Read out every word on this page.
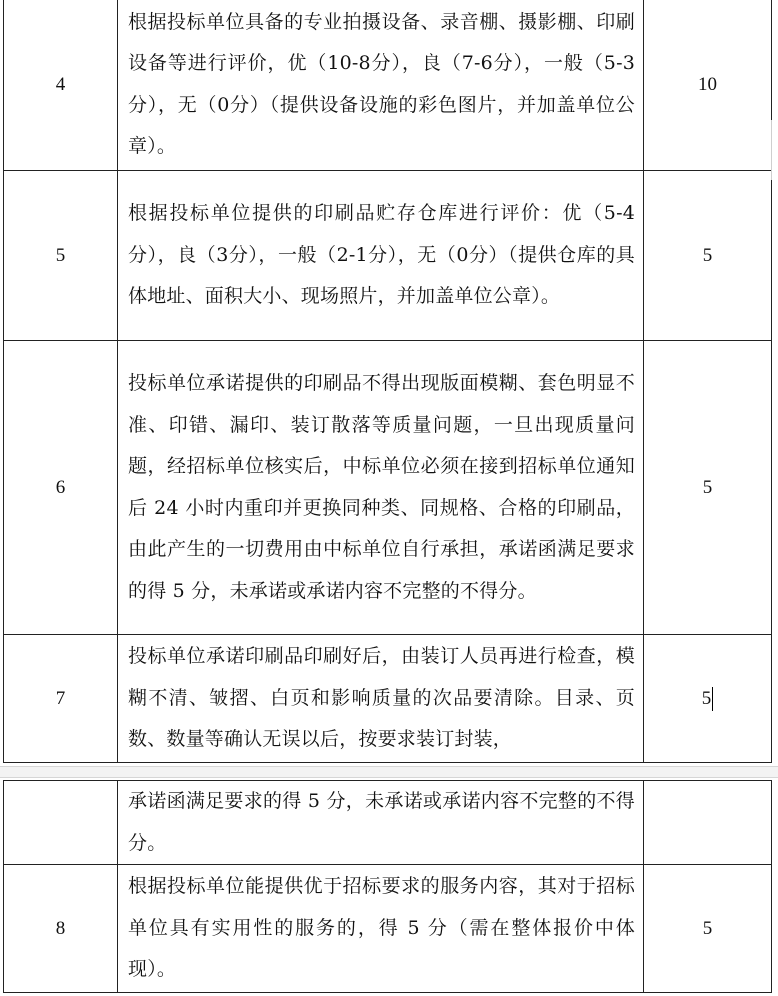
4	根据投标单位具备的专业拍摄设备、录音棚、摄影棚、印刷设备等进行评价，优（10-8分），良（7-6分），一般（5-3分），无（0分）（提供设备设施的彩色图片，并加盖单位公章）。	10
5	根据投标单位提供的印刷品贮存仓库进行评价：优（5-4分），良（3分），一般（2-1分），无（0分）（提供仓库的具体地址、面积大小、现场照片，并加盖单位公章）。	5
6	投标单位承诺提供的印刷品不得出现版面模糊、套色明显不准、印错、漏印、装订散落等质量问题，一旦出现质量问题，经招标单位核实后，中标单位必须在接到招标单位通知后 24 小时内重印并更换同种类、同规格、合格的印刷品，由此产生的一切费用由中标单位自行承担，承诺函满足要求的得 5 分，未承诺或承诺内容不完整的不得分。	5
7	投标单位承诺印刷品印刷好后，由装订人员再进行检查，模糊不清、皱摺、白页和影响质量的次品要清除。目录、页数、数量等确认无误以后，按要求装订封装，	5
	承诺函满足要求的得 5 分，未承诺或承诺内容不完整的不得分。	
8	根据投标单位能提供优于招标要求的服务内容，其对于招标单位具有实用性的服务的，得 5 分（需在整体报价中体现）。	5
